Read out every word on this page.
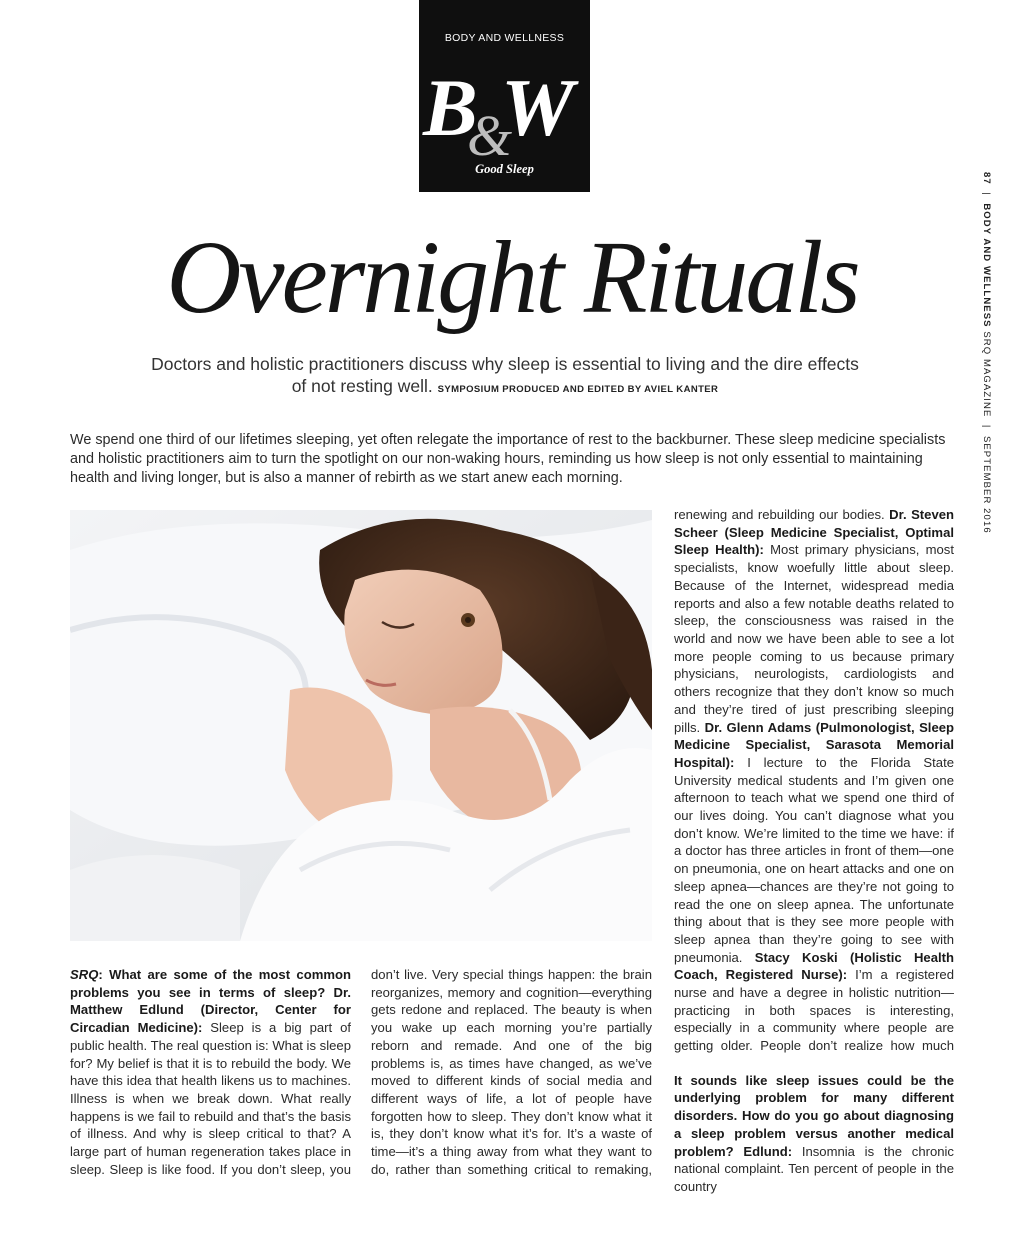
BODY AND WELLNESS
B W
&
Good Sleep
87  |  BODY AND WELLNESS SRQ MAGAZINE  |  SEPTEMBER 2016
Overnight Rituals
Doctors and holistic practitioners discuss why sleep is essential to living and the dire effects of not resting well. SYMPOSIUM PRODUCED AND EDITED BY AVIEL KANTER
We spend one third of our lifetimes sleeping, yet often relegate the importance of rest to the backburner. These sleep medicine specialists and holistic practitioners aim to turn the spotlight on our non-waking hours, reminding us how sleep is not only essential to maintaining health and living longer, but is also a manner of rebirth as we start anew each morning.

SRQ: What are some of the most common problems you see in terms of sleep? Dr. Matthew Edlund (Director, Center for Circadian Medicine): Sleep is a big part of public health. The real question is: What is sleep for? My belief is that it is to rebuild the body. We have this idea that health likens us to machines. Illness is when we break down. What really happens is we fail to rebuild and that’s the basis of illness. And why is sleep critical to that? A large part of human regeneration takes place in sleep. Sleep is like food. If you don’t sleep, you

don’t live. Very special things happen: the brain reorganizes, memory and cognition—everything gets redone and replaced. The beauty is when you wake up each morning you’re partially reborn and remade. And one of the big problems is, as times have changed, as we’ve moved to different kinds of social media and different ways of life, a lot of people have forgotten how to sleep. They don’t know what it is, they don’t know what it’s for. It’s a waste of time—it’s a thing away from what they want to do, rather than something critical to remaking,

renewing and rebuilding our bodies. Dr. Steven Scheer (Sleep Medicine Specialist, Optimal Sleep Health): Most primary physicians, most specialists, know woefully little about sleep. Because of the Internet, widespread media reports and also a few notable deaths related to sleep, the consciousness was raised in the world and now we have been able to see a lot more people coming to us because primary physicians, neurologists, cardiologists and others recognize that they don’t know so much and they’re tired of just prescribing sleeping pills. Dr. Glenn Adams (Pulmonologist, Sleep Medicine Specialist, Sarasota Memorial Hospital): I lecture to the Florida State University medical students and I’m given one afternoon to teach what we spend one third of our lives doing. You can’t diagnose what you don’t know. We’re limited to the time we have: if a doctor has three articles in front of them—one on pneumonia, one on heart attacks and one on sleep apnea—chances are they’re not going to read the one on sleep apnea. The unfortunate thing about that is they see more people with sleep apnea than they’re going to see with pneumonia. Stacy Koski (Holistic Health Coach, Registered Nurse): I’m a registered nurse and have a degree in holistic nutrition—practicing in both spaces is interesting, especially in a community where people are getting older. People don’t realize how much

It sounds like sleep issues could be the underlying problem for many different disorders. How do you go about diagnosing a sleep problem versus another medical problem? Edlund: Insomnia is the chronic national complaint. Ten percent of people in the country
